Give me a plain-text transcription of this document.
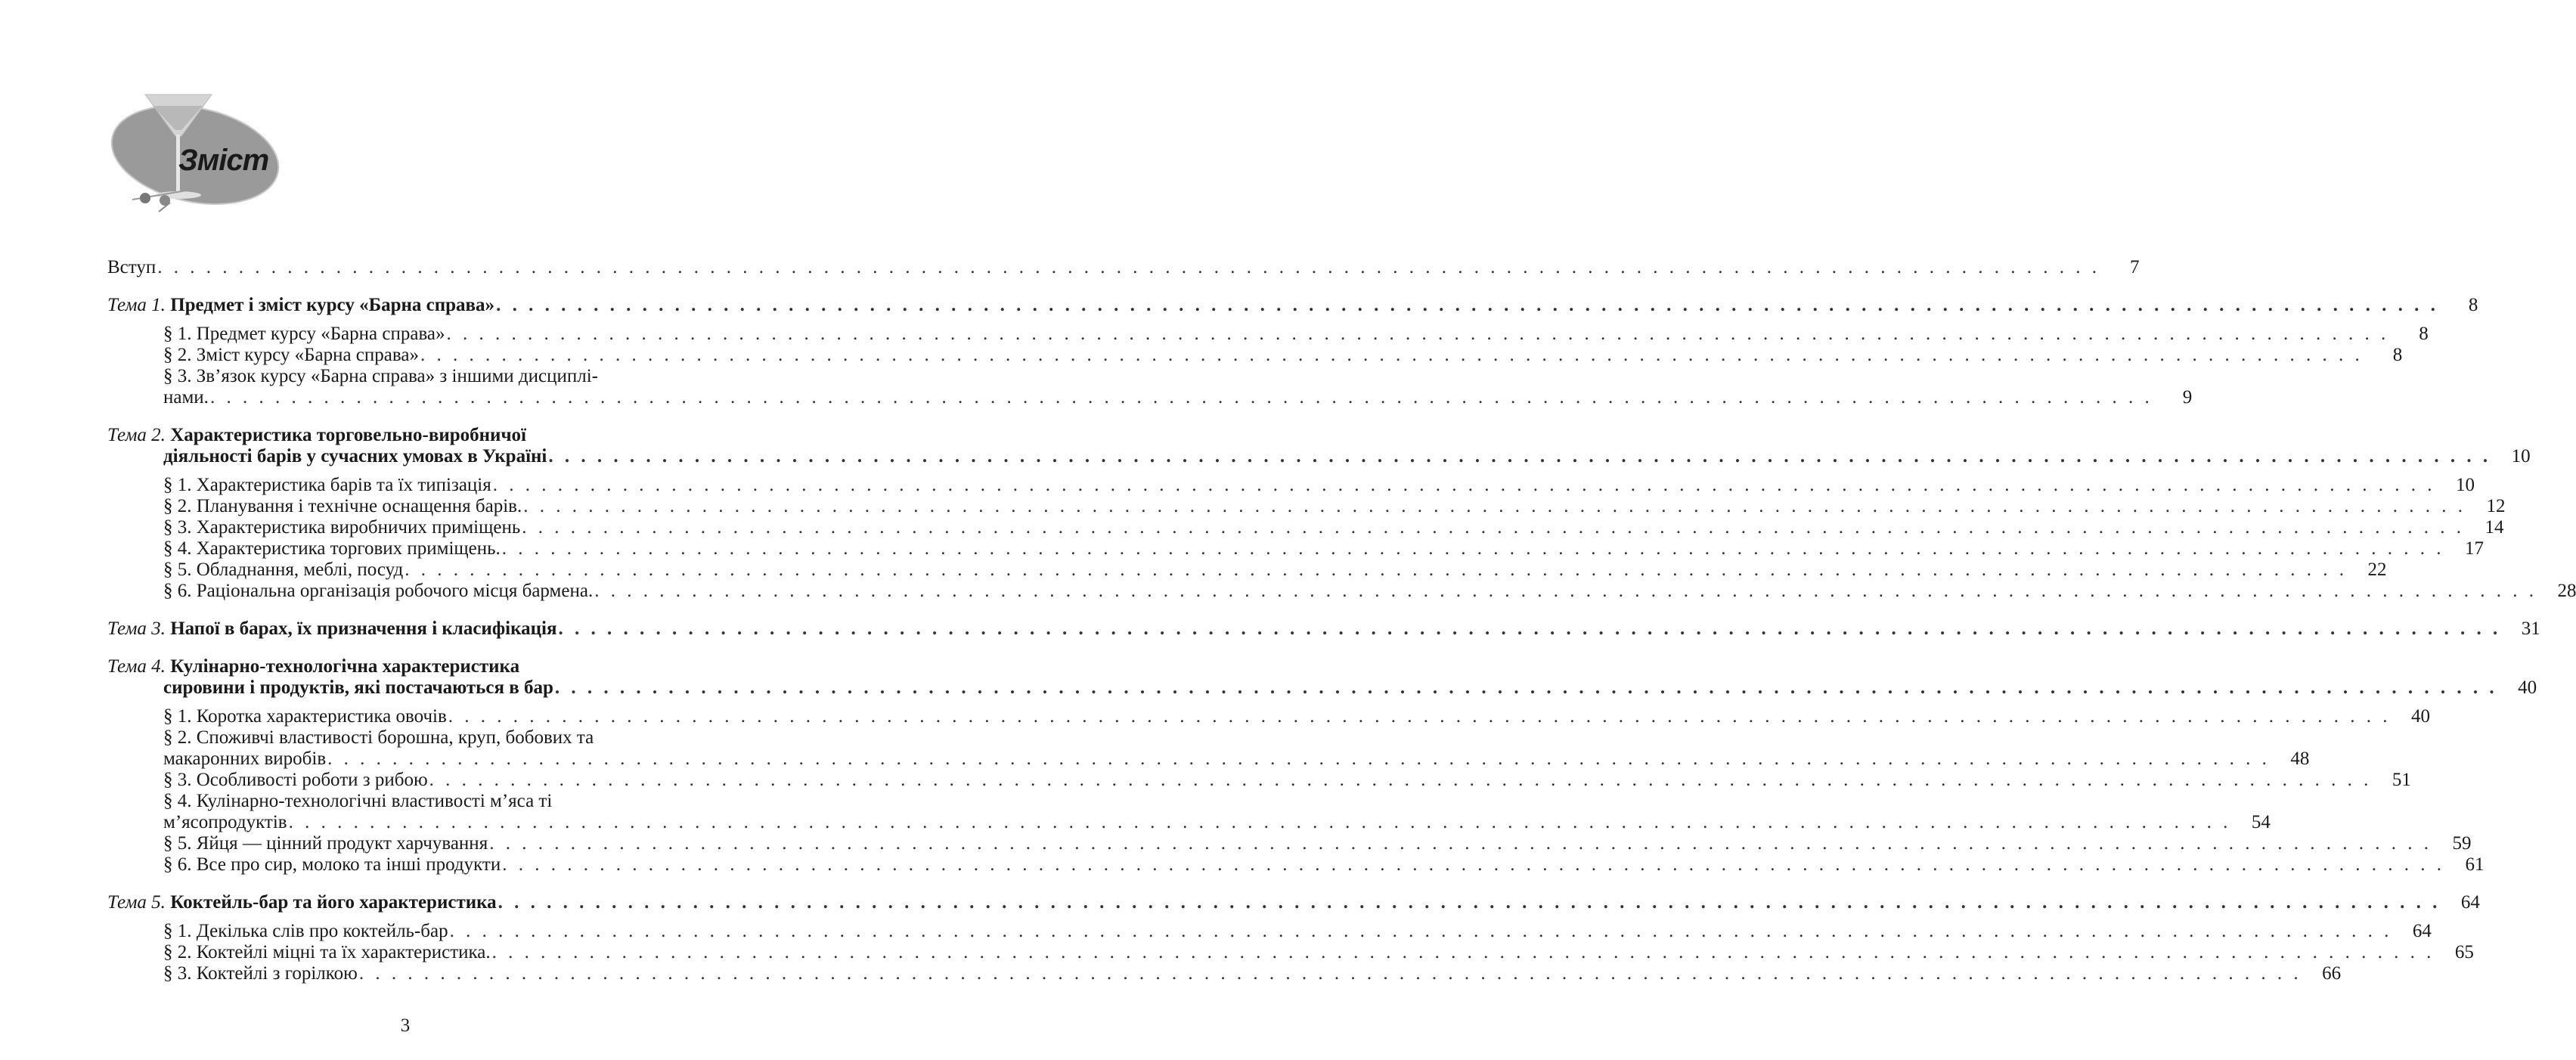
Зміст
Вступ . . . . . . . . . . . . . . . . . . . . . . . . . . . . . . . . . . . . . . . . . . . . . . . . . . . . . . . . . . . . . . . . . . . . . . . . . . . . . . . . . . . . . . . . . . . . . . . . . . . . . . . . . . . . . . . . . . . . . . . .	7
Тема 1. Предмет і зміст курсу «Барна справа» . . . . . . . . . . . . . . . . . . . . . . . . . . . . . . . . . . . . . . . . . . . . . . . . . . . . . . . . . . . . . . . . . . . . . . . . . . . . . . . . . . . . . . . . . . . . . . . . . . . . . . . . . . . . . . . . . . . . . . . .	8
§ 1. Предмет курсу «Барна справа» . . . . . . . . . . . . . . . . . . . . . . . . . . . . . . . . . . . . . . . . . . . . . . . . . . . . . . . . . . . . . . . . . . . . . . . . . . . . . . . . . . . . . . . . . . . . . . . . . . . . . . . . . . . . . . . . . . . . . . . .	8
§ 2. Зміст курсу «Барна справа» . . . . . . . . . . . . . . . . . . . . . . . . . . . . . . . . . . . . . . . . . . . . . . . . . . . . . . . . . . . . . . . . . . . . . . . . . . . . . . . . . . . . . . . . . . . . . . . . . . . . . . . . . . . . . . . . . . . . . . . .	8
§ 3. Зв’язок курсу «Барна справа» з іншими дисциплі-
нами. . . . . . . . . . . . . . . . . . . . . . . . . . . . . . . . . . . . . . . . . . . . . . . . . . . . . . . . . . . . . . . . . . . . . . . . . . . . . . . . . . . . . . . . . . . . . . . . . . . . . . . . . . . . . . . . . . . . . . . . .	9
Тема 2. Характеристика торговельно-виробничої
діяльності барів у сучасних умовах в Україні . . . . . . . . . . . . . . . . . . . . . . . . . . . . . . . . . . . . . . . . . . . . . . . . . . . . . . . . . . . . . . . . . . . . . . . . . . . . . . . . . . . . . . . . . . . . . . . . . . . . . . . . . . . . . . . . . . . . . . . .	10
§ 1. Характеристика барів та їх типізація . . . . . . . . . . . . . . . . . . . . . . . . . . . . . . . . . . . . . . . . . . . . . . . . . . . . . . . . . . . . . . . . . . . . . . . . . . . . . . . . . . . . . . . . . . . . . . . . . . . . . . . . . . . . . . . . . . . . . . . .	10
§ 2. Планування і технічне оснащення барів. . . . . . . . . . . . . . . . . . . . . . . . . . . . . . . . . . . . . . . . . . . . . . . . . . . . . . . . . . . . . . . . . . . . . . . . . . . . . . . . . . . . . . . . . . . . . . . . . . . . . . . . . . . . . . . . . . . . . . . . .	12
§ 3. Характеристика виробничих приміщень . . . . . . . . . . . . . . . . . . . . . . . . . . . . . . . . . . . . . . . . . . . . . . . . . . . . . . . . . . . . . . . . . . . . . . . . . . . . . . . . . . . . . . . . . . . . . . . . . . . . . . . . . . . . . . . . . . . . . . . .	14
§ 4. Характеристика торгових приміщень. . . . . . . . . . . . . . . . . . . . . . . . . . . . . . . . . . . . . . . . . . . . . . . . . . . . . . . . . . . . . . . . . . . . . . . . . . . . . . . . . . . . . . . . . . . . . . . . . . . . . . . . . . . . . . . . . . . . . . . . .	17
§ 5. Обладнання, меблі, посуд . . . . . . . . . . . . . . . . . . . . . . . . . . . . . . . . . . . . . . . . . . . . . . . . . . . . . . . . . . . . . . . . . . . . . . . . . . . . . . . . . . . . . . . . . . . . . . . . . . . . . . . . . . . . . . . . . . . . . . . .	22
§ 6. Раціональна організація робочого місця бармена. . . . . . . . . . . . . . . . . . . . . . . . . . . . . . . . . . . . . . . . . . . . . . . . . . . . . . . . . . . . . . . . . . . . . . . . . . . . . . . . . . . . . . . . . . . . . . . . . . . . . . . . . . . . . . . . . . . . . . . . .	28
Тема 3. Напої в барах, їх призначення і класифікація . . . . . . . . . . . . . . . . . . . . . . . . . . . . . . . . . . . . . . . . . . . . . . . . . . . . . . . . . . . . . . . . . . . . . . . . . . . . . . . . . . . . . . . . . . . . . . . . . . . . . . . . . . . . . . . . . . . . . . . .	31
Тема 4. Кулінарно-технологічна характеристика
сировини і продуктів, які постачаються в бар . . . . . . . . . . . . . . . . . . . . . . . . . . . . . . . . . . . . . . . . . . . . . . . . . . . . . . . . . . . . . . . . . . . . . . . . . . . . . . . . . . . . . . . . . . . . . . . . . . . . . . . . . . . . . . . . . . . . . . . .	40
§ 1. Коротка характеристика овочів . . . . . . . . . . . . . . . . . . . . . . . . . . . . . . . . . . . . . . . . . . . . . . . . . . . . . . . . . . . . . . . . . . . . . . . . . . . . . . . . . . . . . . . . . . . . . . . . . . . . . . . . . . . . . . . . . . . . . . . .	40
§ 2. Споживчі властивості борошна, круп, бобових та
макаронних виробів . . . . . . . . . . . . . . . . . . . . . . . . . . . . . . . . . . . . . . . . . . . . . . . . . . . . . . . . . . . . . . . . . . . . . . . . . . . . . . . . . . . . . . . . . . . . . . . . . . . . . . . . . . . . . . . . . . . . . . . .	48
§ 3. Особливості роботи з рибою . . . . . . . . . . . . . . . . . . . . . . . . . . . . . . . . . . . . . . . . . . . . . . . . . . . . . . . . . . . . . . . . . . . . . . . . . . . . . . . . . . . . . . . . . . . . . . . . . . . . . . . . . . . . . . . . . . . . . . . .	51
§ 4. Кулінарно-технологічні властивості м’яса ті
м’ясопродуктів . . . . . . . . . . . . . . . . . . . . . . . . . . . . . . . . . . . . . . . . . . . . . . . . . . . . . . . . . . . . . . . . . . . . . . . . . . . . . . . . . . . . . . . . . . . . . . . . . . . . . . . . . . . . . . . . . . . . . . . .	54
§ 5. Яйця — цінний продукт харчування . . . . . . . . . . . . . . . . . . . . . . . . . . . . . . . . . . . . . . . . . . . . . . . . . . . . . . . . . . . . . . . . . . . . . . . . . . . . . . . . . . . . . . . . . . . . . . . . . . . . . . . . . . . . . . . . . . . . . . . .	59
§ 6. Все про сир, молоко та інші продукти . . . . . . . . . . . . . . . . . . . . . . . . . . . . . . . . . . . . . . . . . . . . . . . . . . . . . . . . . . . . . . . . . . . . . . . . . . . . . . . . . . . . . . . . . . . . . . . . . . . . . . . . . . . . . . . . . . . . . . . .	61
Тема 5. Коктейль-бар та його характеристика . . . . . . . . . . . . . . . . . . . . . . . . . . . . . . . . . . . . . . . . . . . . . . . . . . . . . . . . . . . . . . . . . . . . . . . . . . . . . . . . . . . . . . . . . . . . . . . . . . . . . . . . . . . . . . . . . . . . . . . .	64
§ 1. Декілька слів про коктейль-бар . . . . . . . . . . . . . . . . . . . . . . . . . . . . . . . . . . . . . . . . . . . . . . . . . . . . . . . . . . . . . . . . . . . . . . . . . . . . . . . . . . . . . . . . . . . . . . . . . . . . . . . . . . . . . . . . . . . . . . . .	64
§ 2. Коктейлі міцні та їх характеристика. . . . . . . . . . . . . . . . . . . . . . . . . . . . . . . . . . . . . . . . . . . . . . . . . . . . . . . . . . . . . . . . . . . . . . . . . . . . . . . . . . . . . . . . . . . . . . . . . . . . . . . . . . . . . . . . . . . . . . . . .	65
§ 3. Коктейлі з горілкою . . . . . . . . . . . . . . . . . . . . . . . . . . . . . . . . . . . . . . . . . . . . . . . . . . . . . . . . . . . . . . . . . . . . . . . . . . . . . . . . . . . . . . . . . . . . . . . . . . . . . . . . . . . . . . . . . . . . . . . .	66
3
